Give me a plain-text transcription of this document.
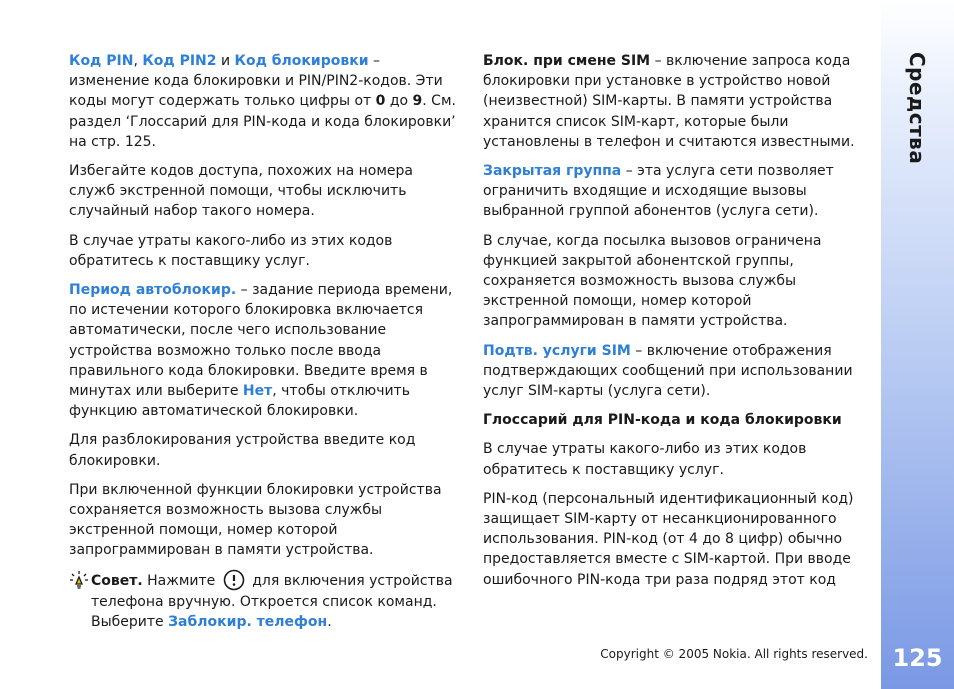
Средства
125

Код PIN, Код PIN2 и Код блокировки – изменение кода блокировки и PIN/PIN2-кодов. Эти коды могут содержать только цифры от 0 до 9. См. раздел ‘Глоссарий для PIN-кода и кода блокировки’ на стр. 125.

Избегайте кодов доступа, похожих на номера служб экстренной помощи, чтобы исключить случайный набор такого номера.

В случае утраты какого-либо из этих кодов обратитесь к поставщику услуг.

Период автоблокир. – задание периода времени, по истечении которого блокировка включается автоматически, после чего использование устройства возможно только после ввода правильного кода блокировки. Введите время в минутах или выберите Нет, чтобы отключить функцию автоматической блокировки.

Для разблокирования устройства введите код блокировки.

При включенной функции блокировки устройства сохраняется возможность вызова службы экстренной помощи, номер которой запрограммирован в памяти устройства.

Совет. Нажмите  для включения устройства телефона вручную. Откроется список команд. Выберите Заблокир. телефон.

Блок. при смене SIM – включение запроса кода блокировки при установке в устройство новой (неизвестной) SIM-карты. В памяти устройства хранится список SIM-карт, которые были установлены в телефон и считаются известными.

Закрытая группа – эта услуга сети позволяет ограничить входящие и исходящие вызовы выбранной группой абонентов (услуга сети).

В случае, когда посылка вызовов ограничена функцией закрытой абонентской группы, сохраняется возможность вызова службы экстренной помощи, номер которой запрограммирован в памяти устройства.

Подтв. услуги SIM – включение отображения подтверждающих сообщений при использовании услуг SIM-карты (услуга сети).

Глоссарий для PIN-кода и кода блокировки

В случае утраты какого-либо из этих кодов обратитесь к поставщику услуг.

PIN-код (персональный идентификационный код) защищает SIM-карту от несанкционированного использования. PIN-код (от 4 до 8 цифр) обычно предоставляется вместе с SIM-картой. При вводе ошибочного PIN-кода три раза подряд этот код

Copyright © 2005 Nokia. All rights reserved.
